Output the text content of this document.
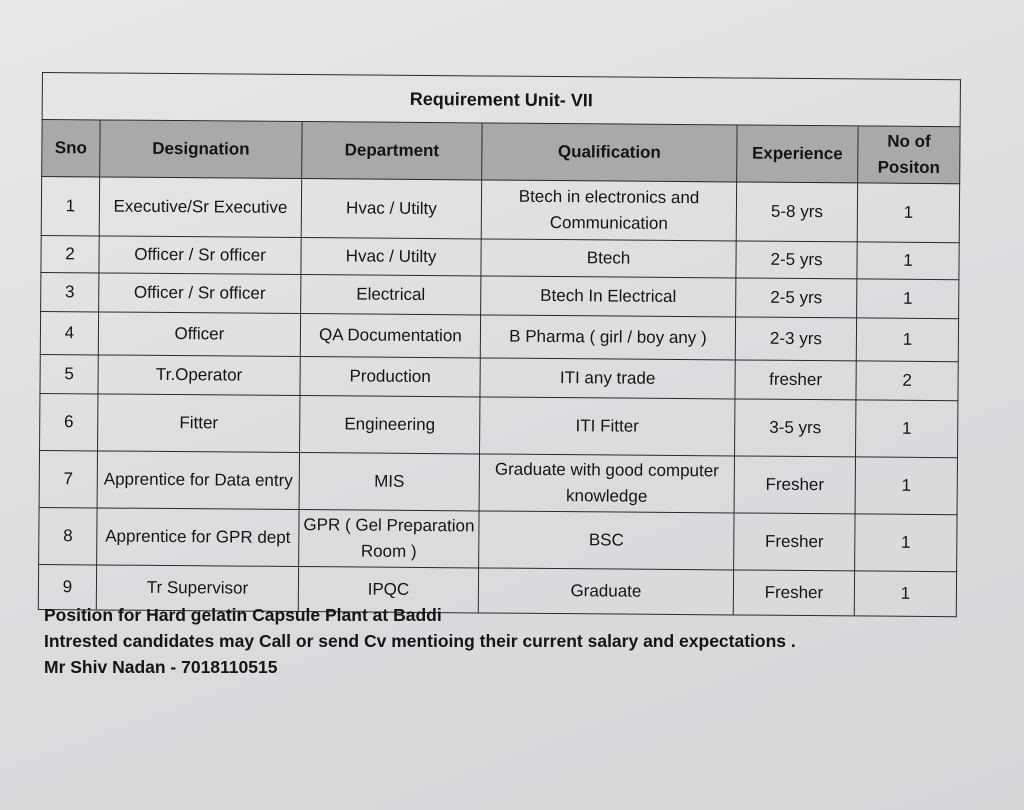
Requirement Unit- VII					
Sno	Designation	Department	Qualification	Experience	No of Positon
1	Executive/Sr Executive	Hvac / Utilty	Btech in electronics and Communication	5-8 yrs	1
2	Officer / Sr officer	Hvac / Utilty	Btech	2-5 yrs	1
3	Officer / Sr officer	Electrical	Btech In Electrical	2-5 yrs	1
4	Officer	QA Documentation	B Pharma ( girl / boy any )	2-3 yrs	1
5	Tr.Operator	Production	ITI any trade	fresher	2
6	Fitter	Engineering	ITI Fitter	3-5 yrs	1
7	Apprentice for Data entry	MIS	Graduate with good computer knowledge	Fresher	1
8	Apprentice for GPR dept	GPR ( Gel Preparation Room )	BSC	Fresher	1
9	Tr Supervisor	IPQC	Graduate	Fresher	1
Position for Hard gelatin Capsule Plant at Baddi
Intrested candidates may Call or send Cv mentioing their current salary and expectations .
Mr Shiv Nadan - 7018110515
